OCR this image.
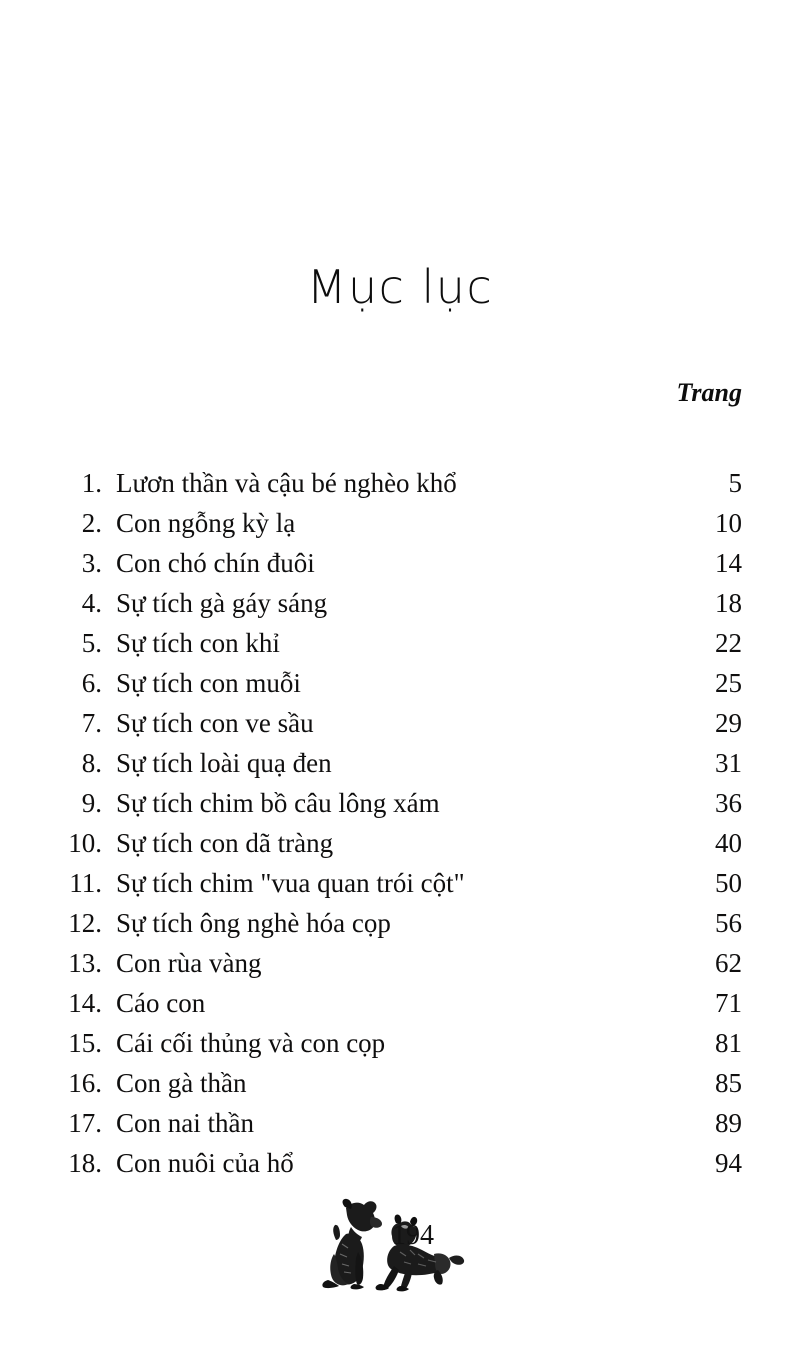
Mục lục
Trang
1. Lươn thần và cậu bé nghèo khổ	5
2. Con ngỗng kỳ lạ	10
3. Con chó chín đuôi	14
4. Sự tích gà gáy sáng	18
5. Sự tích con khỉ	22
6. Sự tích con muỗi	25
7. Sự tích con ve sầu	29
8. Sự tích loài quạ đen	31
9. Sự tích chim bồ câu lông xám	36
10. Sự tích con dã tràng	40
11. Sự tích chim "vua quan trói cột"	50
12. Sự tích ông nghè hóa cọp	56
13. Con rùa vàng	62
14. Cáo con	71
15. Cái cối thủng và con cọp	81
16. Con gà thần	85
17. Con nai thần	89
18. Con nuôi của hổ	94
194
